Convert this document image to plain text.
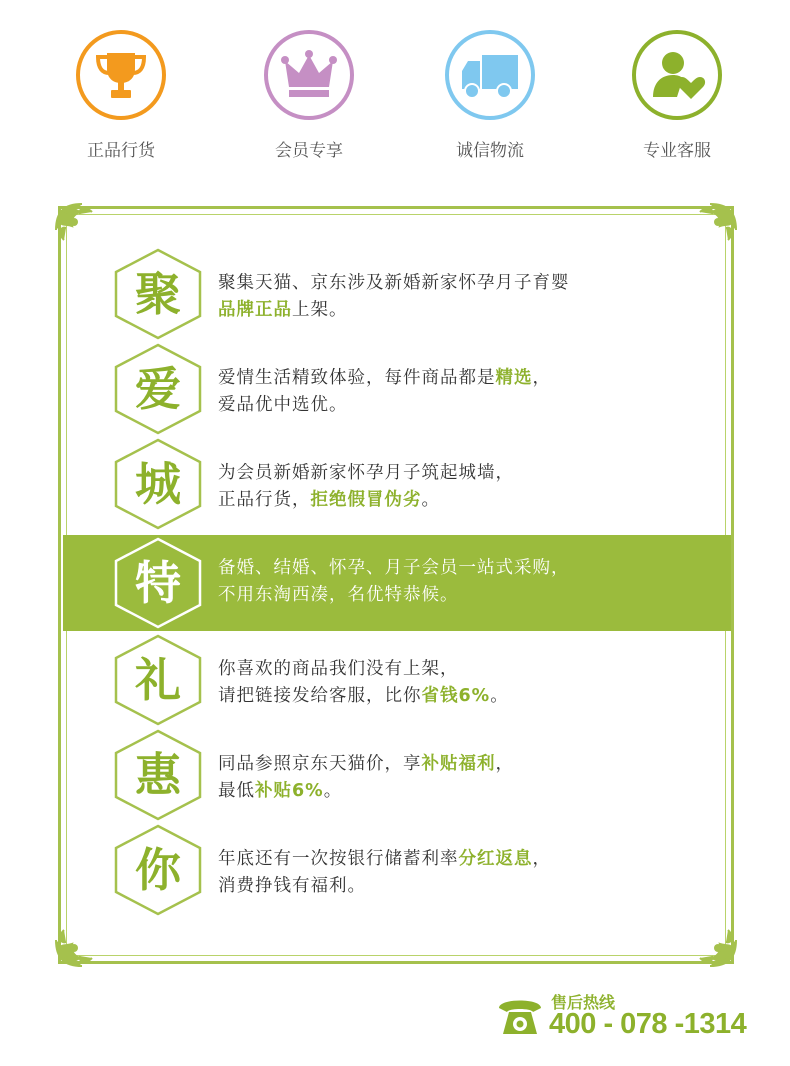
正品行货	会员专享	诚信物流	专业客服
聚	聚集天猫、京东涉及新婚新家怀孕月子育婴
品牌正品上架。
爱	爱情生活精致体验，每件商品都是精选，
爱品优中选优。
城	为会员新婚新家怀孕月子筑起城墙，
正品行货，拒绝假冒伪劣。
特	备婚、结婚、怀孕、月子会员一站式采购，
不用东淘西凑，名优特恭候。
礼	你喜欢的商品我们没有上架，
请把链接发给客服，比你省钱6%。
惠	同品参照京东天猫价，享补贴福利，
最低补贴6%。
你	年底还有一次按银行储蓄利率分红返息，
消费挣钱有福利。
售后热线
400 - 078 -1314
